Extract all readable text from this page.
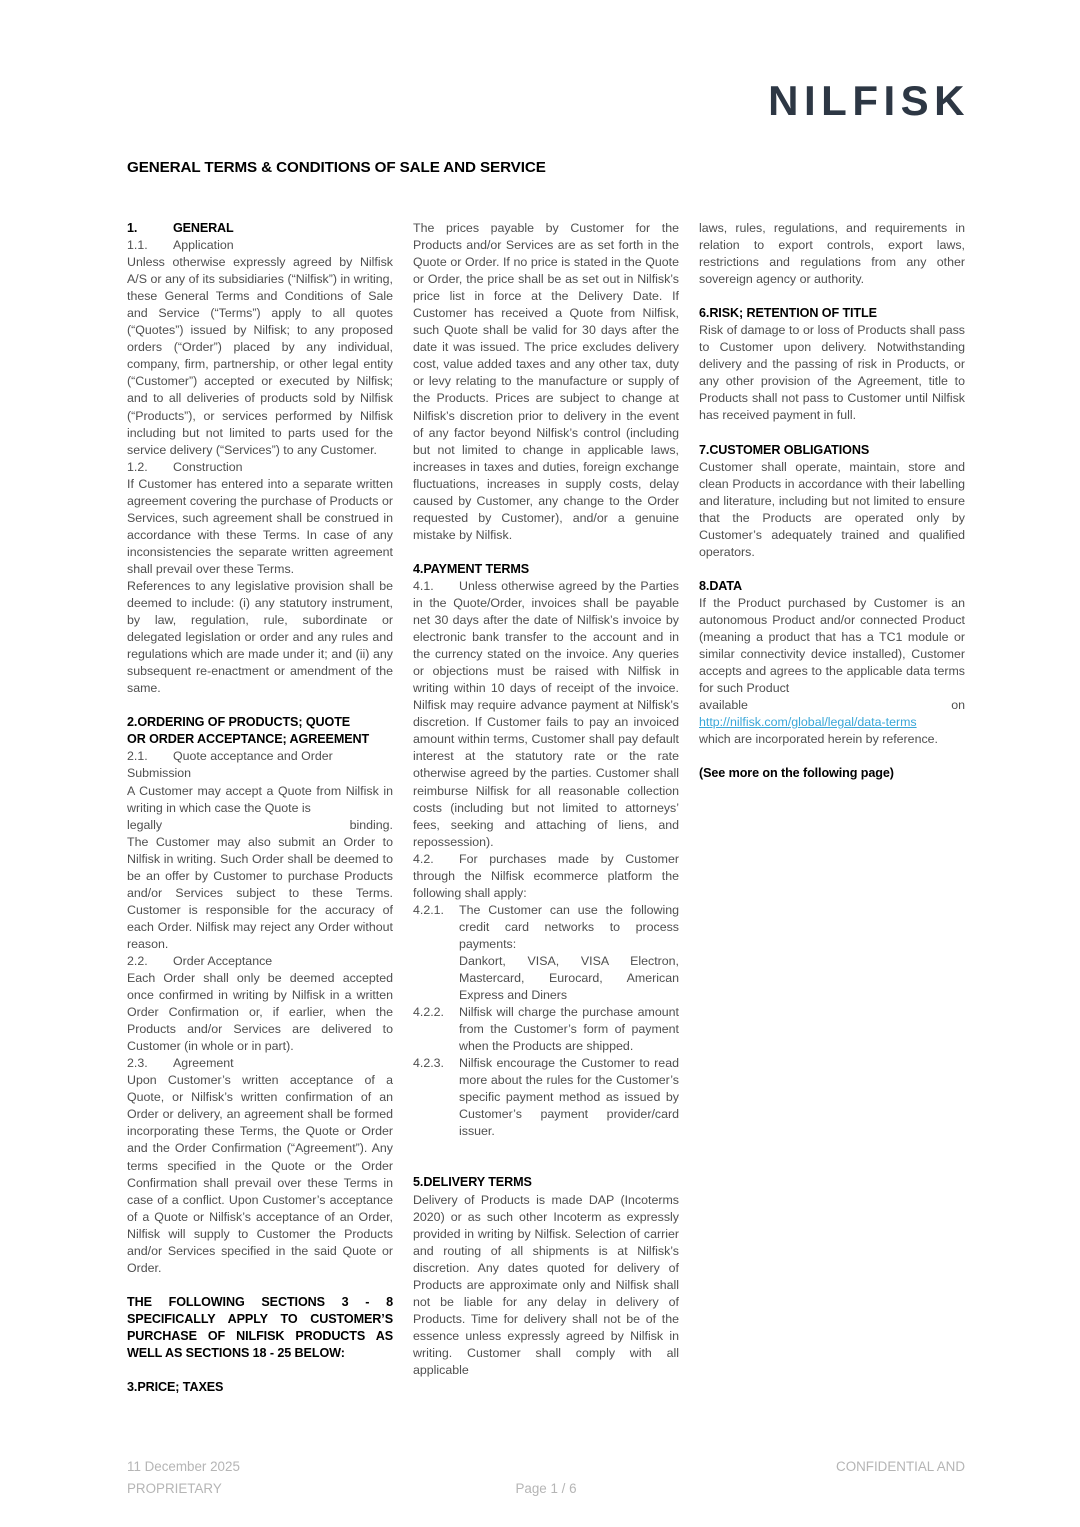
NILFISK
GENERAL TERMS & CONDITIONS OF SALE AND SERVICE
1.	GENERAL
1.1. Application

Unless otherwise expressly agreed by Nilfisk A/S or any of its subsidiaries (“Nilfisk”) in writing, these General Terms and Conditions of Sale and Service (“Terms”) apply to all quotes (“Quotes”) issued by Nilfisk; to any proposed orders (“Order”) placed by any individual, company, firm, partnership, or other legal entity (“Customer”) accepted or executed by Nilfisk; and to all deliveries of products sold by Nilfisk (“Products”), or services performed by Nilfisk including but not limited to parts used for the service delivery (“Services”) to any Customer.

1.2. Construction

If Customer has entered into a separate written agreement covering the purchase of Products or Services, such agreement shall be construed in accordance with these Terms. In case of any inconsistencies the separate written agreement shall prevail over these Terms.

References to any legislative provision shall be deemed to include: (i) any statutory instrument, by law, regulation, rule, subordinate or delegated legislation or order and any rules and regulations which are made under it; and (ii) any subsequent re-enactment or amendment of the same.

2.ORDERING OF PRODUCTS; QUOTE
OR ORDER ACCEPTANCE; AGREEMENT
2.1. Quote acceptance and Order
Submission

A Customer may accept a Quote from Nilfisk in writing in which case the Quote is

legally	binding.

The Customer may also submit an Order to Nilfisk in writing. Such Order shall be deemed to be an offer by Customer to purchase Products and/or Services subject to these Terms. Customer is responsible for the accuracy of each Order. Nilfisk may reject any Order without reason.

2.2. Order Acceptance

Each Order shall only be deemed accepted once confirmed in writing by Nilfisk in a written Order Confirmation or, if earlier, when the Products and/or Services are delivered to Customer (in whole or in part).

2.3. Agreement

Upon Customer’s written acceptance of a Quote, or Nilfisk’s written confirmation of an Order or delivery, an agreement shall be formed incorporating these Terms, the Quote or Order and the Order Confirmation (“Agreement”). Any terms specified in the Quote or the Order Confirmation shall prevail over these Terms in case of a conflict. Upon Customer’s acceptance of a Quote or Nilfisk’s acceptance of an Order, Nilfisk will supply to Customer the Products and/or Services specified in the said Quote or Order.

THE FOLLOWING SECTIONS 3 - 8 SPECIFICALLY APPLY TO CUSTOMER’S PURCHASE OF NILFISK PRODUCTS AS WELL AS SECTIONS 18 - 25 BELOW:

3.PRICE; TAXES

The prices payable by Customer for the Products and/or Services are as set forth in the Quote or Order. If no price is stated in the Quote or Order, the price shall be as set out in Nilfisk’s price list in force at the Delivery Date. If Customer has received a Quote from Nilfisk, such Quote shall be valid for 30 days after the date it was issued. The price excludes delivery cost, value added taxes and any other tax, duty or levy relating to the manufacture or supply of the Products. Prices are subject to change at Nilfisk’s discretion prior to delivery in the event of any factor beyond Nilfisk’s control (including but not limited to change in applicable laws, increases in taxes and duties, foreign exchange fluctuations, increases in supply costs, delay caused by Customer, any change to the Order requested by Customer), and/or a genuine mistake by Nilfisk.

4.PAYMENT TERMS

4.1. Unless otherwise agreed by the Parties in the Quote/Order, invoices shall be payable net 30 days after the date of Nilfisk’s invoice by electronic bank transfer to the account and in the currency stated on the invoice. Any queries or objections must be raised with Nilfisk in writing within 10 days of receipt of the invoice. Nilfisk may require advance payment at Nilfisk’s discretion. If Customer fails to pay an invoiced amount within terms, Customer shall pay default interest at the statutory rate or the rate otherwise agreed by the parties. Customer shall reimburse Nilfisk for all reasonable collection costs (including but not limited to attorneys’ fees, seeking and attaching of liens, and repossession).

4.2. For purchases made by Customer through the Nilfisk ecommerce platform the following shall apply:

4.2.1. The Customer can use the following credit card networks to process payments:

Dankort, VISA, VISA Electron, Mastercard, Eurocard, American Express and Diners

4.2.2. Nilfisk will charge the purchase amount from the Customer’s form of payment when the Products are shipped.

4.2.3. Nilfisk encourage the Customer to read more about the rules for the Customer’s specific payment method as issued by Customer’s payment provider/card issuer.

5.DELIVERY TERMS

Delivery of Products is made DAP (Incoterms 2020) or as such other Incoterm as expressly provided in writing by Nilfisk. Selection of carrier and routing of all shipments is at Nilfisk’s discretion. Any dates quoted for delivery of Products are approximate only and Nilfisk shall not be liable for any delay in delivery of Products. Time for delivery shall not be of the essence unless expressly agreed by Nilfisk in writing. Customer shall comply with all applicable

laws, rules, regulations, and requirements in relation to export controls, export laws, restrictions and regulations from any other sovereign agency or authority.

6.RISK; RETENTION OF TITLE

Risk of damage to or loss of Products shall pass to Customer upon delivery. Notwithstanding delivery and the passing of risk in Products, or any other provision of the Agreement, title to Products shall not pass to Customer until Nilfisk has received payment in full.

7.CUSTOMER OBLIGATIONS

Customer shall operate, maintain, store and clean Products in accordance with their labelling and literature, including but not limited to ensure that the Products are operated only by Customer’s adequately trained and qualified operators.

8.DATA

If the Product purchased by Customer is an autonomous Product and/or connected Product (meaning a product that has a TC1 module or similar connectivity device installed), Customer accepts and agrees to the applicable data terms for such Product

available	on
http://nilfisk.com/global/legal/data-terms

which are incorporated herein by reference.

(See more on the following page)

11 December 2025	CONFIDENTIAL AND
PROPRIETARY	Page 1 / 6
